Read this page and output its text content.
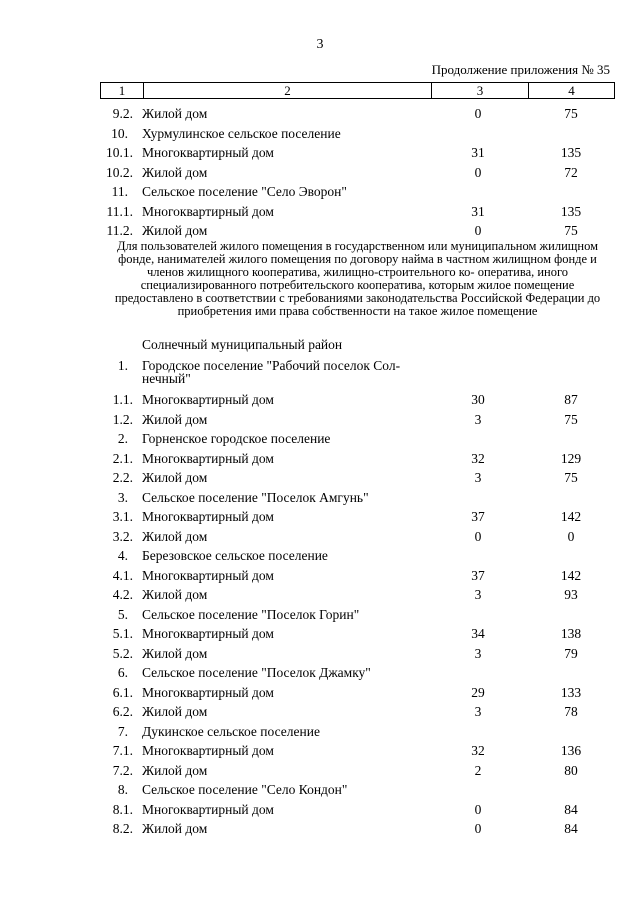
3
Продолжение приложения № 35
1	2	3	4
9.2. Жилой дом	0	75
10. Хурмулинское сельское поселение
10.1. Многоквартирный дом	31	135
10.2. Жилой дом	0	72
11. Сельское поселение "Село Эворон"
11.1. Многоквартирный дом	31	135
11.2. Жилой дом	0	75
Для пользователей жилого помещения в государственном или муниципальном жилищном фонде, нанимателей жилого помещения по договору найма в частном жилищном фонде и членов жилищного кооператива, жилищно-строительного ко- оператива, иного специализированного потребительского кооператива, которым жилое помещение предоставлено в соответствии с требованиями законодательства Российской Федерации до приобретения ими права собственности на такое жилое помещение
Солнечный муниципальный район
1. Городское поселение "Рабочий поселок Сол- нечный"
1.1. Многоквартирный дом	30	87
1.2. Жилой дом	3	75
2. Горненское городское поселение
2.1. Многоквартирный дом	32	129
2.2. Жилой дом	3	75
3. Сельское поселение "Поселок Амгунь"
3.1. Многоквартирный дом	37	142
3.2. Жилой дом	0	0
4. Березовское сельское поселение
4.1. Многоквартирный дом	37	142
4.2. Жилой дом	3	93
5. Сельское поселение "Поселок Горин"
5.1. Многоквартирный дом	34	138
5.2. Жилой дом	3	79
6. Сельское поселение "Поселок Джамку"
6.1. Многоквартирный дом	29	133
6.2. Жилой дом	3	78
7. Дукинское сельское поселение
7.1. Многоквартирный дом	32	136
7.2. Жилой дом	2	80
8. Сельское поселение "Село Кондон"
8.1. Многоквартирный дом	0	84
8.2. Жилой дом	0	84
